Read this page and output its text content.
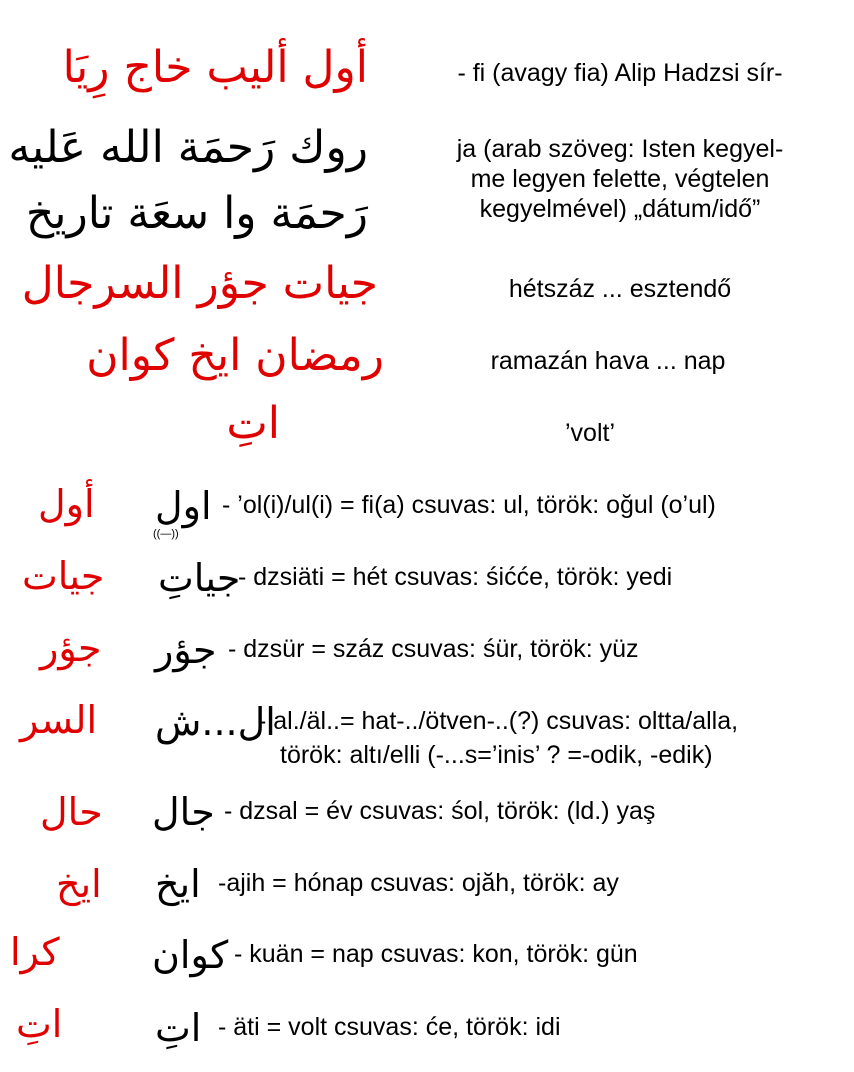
أول أليب خاج رِيَا
روك رَحمَة الله عَليه
رَحمَة وا سعَة تاريخ
جيات جؤر السرجال
رمضان ايخ كوان
اتِ
- fi (avagy fia) Alip Hadzsi sír-
ja (arab szöveg: Isten kegyel-
me legyen felette, végtelen
kegyelmével) „dátum/idő”
hétszáz ... esztendő
ramazán hava ... nap
’volt’
أول اول
((—))
- ’ol(i)/ul(i) = fi(a) csuvas: ul, török: oğul (o’ul)
جيات جياتِ
- dzsiäti = hét csuvas: śiććе, török: yedi
جؤر جؤر - dzsür = száz csuvas: śür, török: yüz
السر ال...ش
- al./äl..= hat-../ötven-..(?) csuvas: oltta/alla,
török: altı/elli (-...s=’inis’ ? =-odik, -edik)
حال جال - dzsal = év csuvas: śol, török: (ld.) yaş
ايخ ايخ -ajih = hónap csuvas: ojăh, török: ay
كرا كوان - kuän = nap csuvas: kon, török: gün
اتِ اتِ - äti = volt csuvas: će, török: idi
